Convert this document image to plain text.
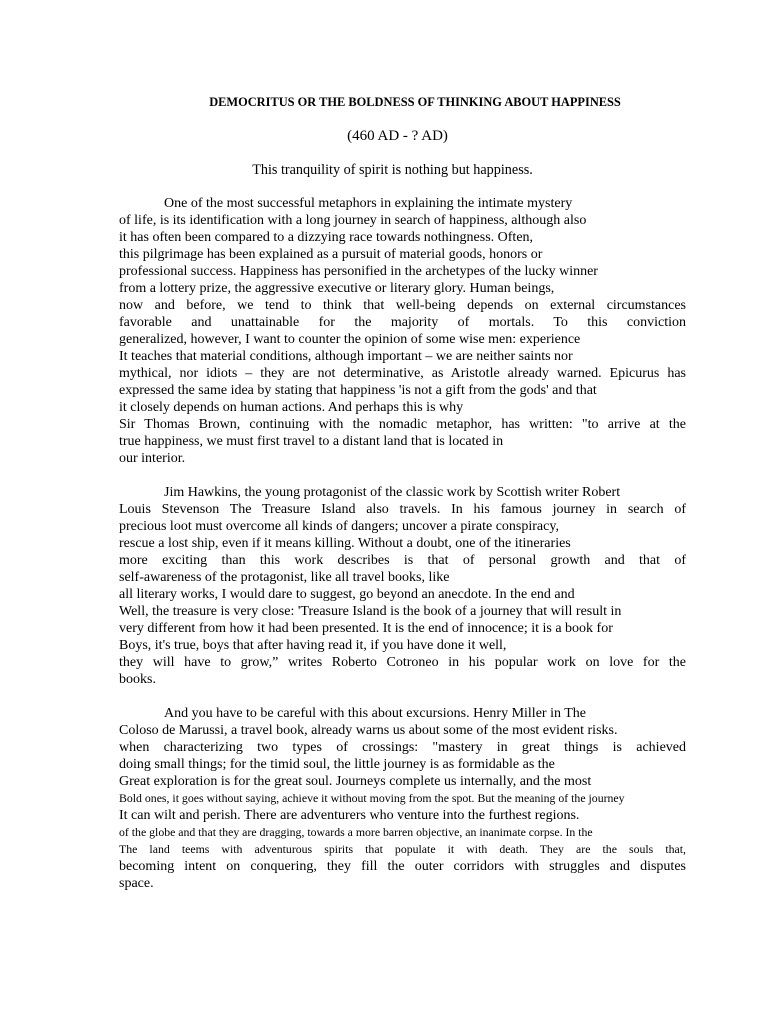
DEMOCRITUS OR THE BOLDNESS OF THINKING ABOUT HAPPINESS
(460 AD - ? AD)
This tranquility of spirit is nothing but happiness.
One of the most successful metaphors in explaining the intimate mystery
of life, is its identification with a long journey in search of happiness, although also
it has often been compared to a dizzying race towards nothingness. Often,
this pilgrimage has been explained as a pursuit of material goods, honors or
professional success. Happiness has personified in the archetypes of the lucky winner
from a lottery prize, the aggressive executive or literary glory. Human beings,
now and before, we tend to think that well-being depends on external circumstances
favorable and unattainable for the majority of mortals. To this conviction
generalized, however, I want to counter the opinion of some wise men: experience
It teaches that material conditions, although important – we are neither saints nor
mythical, nor idiots – they are not determinative, as Aristotle already warned. Epicurus has
expressed the same idea by stating that happiness 'is not a gift from the gods' and that
it closely depends on human actions. And perhaps this is why
Sir Thomas Brown, continuing with the nomadic metaphor, has written: "to arrive at the
true happiness, we must first travel to a distant land that is located in
our interior.
Jim Hawkins, the young protagonist of the classic work by Scottish writer Robert
Louis Stevenson The Treasure Island also travels. In his famous journey in search of
precious loot must overcome all kinds of dangers; uncover a pirate conspiracy,
rescue a lost ship, even if it means killing. Without a doubt, one of the itineraries
more exciting than this work describes is that of personal growth and that of
self-awareness of the protagonist, like all travel books, like
all literary works, I would dare to suggest, go beyond an anecdote. In the end and
Well, the treasure is very close: 'Treasure Island is the book of a journey that will result in
very different from how it had been presented. It is the end of innocence; it is a book for
Boys, it's true, boys that after having read it, if you have done it well,
they will have to grow,” writes Roberto Cotroneo in his popular work on love for the
books.
And you have to be careful with this about excursions. Henry Miller in The
Coloso de Marussi, a travel book, already warns us about some of the most evident risks.
when characterizing two types of crossings: "mastery in great things is achieved
doing small things; for the timid soul, the little journey is as formidable as the
Great exploration is for the great soul. Journeys complete us internally, and the most
Bold ones, it goes without saying, achieve it without moving from the spot. But the meaning of the journey
It can wilt and perish. There are adventurers who venture into the furthest regions.
of the globe and that they are dragging, towards a more barren objective, an inanimate corpse. In the
The land teems with adventurous spirits that populate it with death. They are the souls that,
becoming intent on conquering, they fill the outer corridors with struggles and disputes
space.
